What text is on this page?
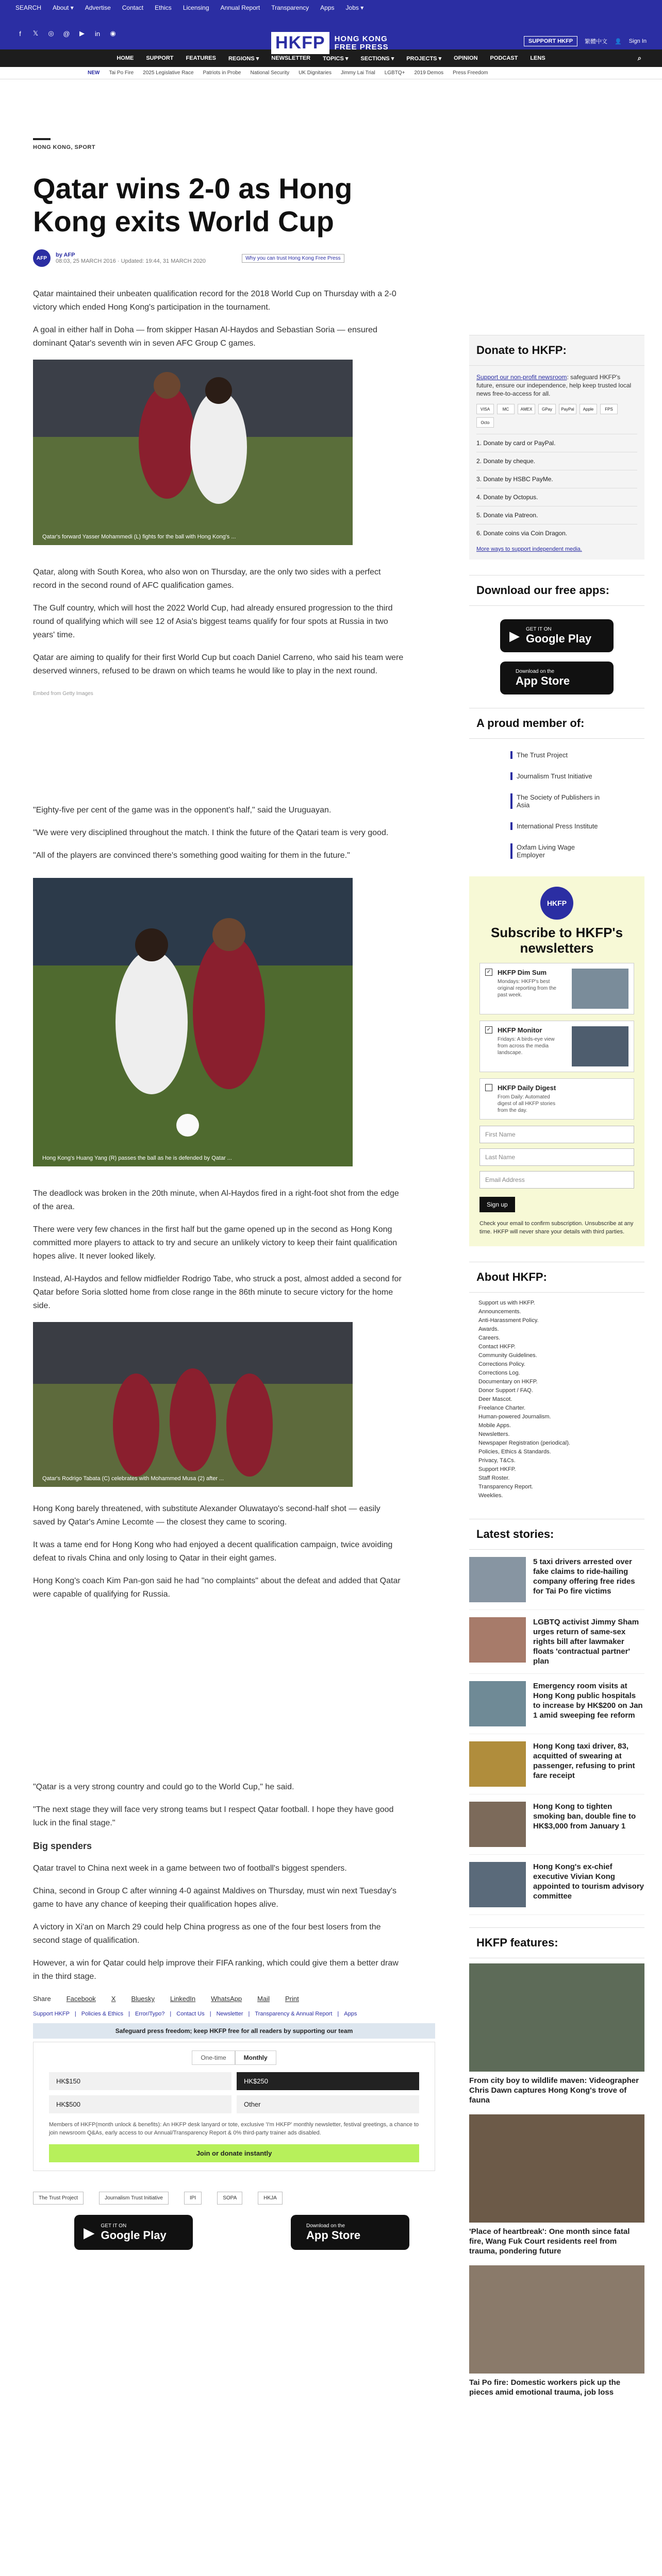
SEARCH About ▾ Advertise Contact Ethics Licensing Annual Report Transparency Apps Jobs ▾
f	𝕏 ◎ @	▶	in	◉	HKFP	HONG KONG
FREE PRESS
SUPPORT HKFP	繁體中文 👤 Sign In
HOME SUPPORT FEATURES REGIONS ▾ NEWSLETTER TOPICS ▾ SECTIONS ▾ PROJECTS ▾ OPINION PODCAST LENS	⌕
NEW Tai Po Fire 2025 Legislative Race Patriots in Probe National Security UK Dignitaries Jimmy Lai Trial LGBTQ+ 2019 Demos Press Freedom
HONG KONG, SPORT
Qatar wins 2-0 as Hong Kong exits World Cup
AFP	by AFP
08:03, 25 MARCH 2016 · Updated: 19:44, 31 MARCH 2020	Why you can trust Hong Kong Free Press

Qatar maintained their unbeaten qualification record for the 2018 World Cup on Thursday with a 2-0 victory which ended Hong Kong's participation in the tournament.

A goal in either half in Doha — from skipper Hasan Al-Haydos and Sebastian Soria — ensured dominant Qatar's seventh win in seven AFC Group C games.

Qatar's forward Yasser Mohammedi (L) fights for the ball with Hong Kong's ...

Qatar, along with South Korea, who also won on Thursday, are the only two sides with a perfect record in the second round of AFC qualification games.

The Gulf country, which will host the 2022 World Cup, had already ensured progression to the third round of qualifying which will see 12 of Asia's biggest teams qualify for four spots at Russia in two years' time.

Qatar are aiming to qualify for their first World Cup but coach Daniel Carreno, who said his team were deserved winners, refused to be drawn on which teams he would like to play in the next round.

Embed from Getty Images

"Eighty-five per cent of the game was in the opponent's half," said the Uruguayan.

"We were very disciplined throughout the match. I think the future of the Qatari team is very good.

"All of the players are convinced there's something good waiting for them in the future."

Hong Kong's Huang Yang (R) passes the ball as he is defended by Qatar ...

The deadlock was broken in the 20th minute, when Al-Haydos fired in a right-foot shot from the edge of the area.

There were very few chances in the first half but the game opened up in the second as Hong Kong committed more players to attack to try and secure an unlikely victory to keep their faint qualification hopes alive. It never looked likely.

Instead, Al-Haydos and fellow midfielder Rodrigo Tabe, who struck a post, almost added a second for Qatar before Soria slotted home from close range in the 86th minute to secure victory for the home side.

Qatar's Rodrigo Tabata (C) celebrates with Mohammed Musa (2) after ...

Hong Kong barely threatened, with substitute Alexander Oluwatayo's second-half shot — easily saved by Qatar's Amine Lecomte — the closest they came to scoring.

It was a tame end for Hong Kong who had enjoyed a decent qualification campaign, twice avoiding defeat to rivals China and only losing to Qatar in their eight games.

Hong Kong's coach Kim Pan-gon said he had "no complaints" about the defeat and added that Qatar were capable of qualifying for Russia.

"Qatar is a very strong country and could go to the World Cup," he said.

"The next stage they will face very strong teams but I respect Qatar football. I hope they have good luck in the final stage."

Big spenders

Qatar travel to China next week in a game between two of football's biggest spenders.

China, second in Group C after winning 4-0 against Maldives on Thursday, must win next Tuesday's game to have any chance of keeping their qualification hopes alive.

A victory in Xi'an on March 29 could help China progress as one of the four best losers from the second stage of qualification.

However, a win for Qatar could help improve their FIFA ranking, which could give them a better draw in the third stage.

Share Facebook X Bluesky LinkedIn WhatsApp Mail Print
Support HKFP | Policies & Ethics | Error/Typo? | Contact Us | Newsletter | Transparency & Annual Report | Apps
Safeguard press freedom; keep HKFP free for all readers by supporting our team
One-time	Monthly
HK$150	HK$250
HK$500	Other
Members of HKFP(month unlock & benefits): An HKFP desk lanyard or tote, exclusive 'I'm HKFP' monthly newsletter, festival greetings, a chance to join newsroom Q&As, early access to our Annual/Transparency Report & 0% third-party trainer ads disabled.
Join or donate instantly
The Trust Project	Journalism Trust Initiative	IPI	SOPA	HKJA
▶ GET IT ON
Google Play
Download on the
App Store
Donate to HKFP:
Support our non-profit newsroom: safeguard HKFP's future, ensure our independence, help keep trusted local news free-to-access for all.
VISA	MC	AMEX	GPay	PayPal	Apple	FPS
Octo
1. Donate by card or PayPal.
2. Donate by cheque.
3. Donate by HSBC PayMe.
4. Donate by Octopus.
5. Donate via Patreon.
6. Donate coins via Coin Dragon.
More ways to support independent media.
Download our free apps:
▶ GET IT ON
Google Play
Download on the
App Store
A proud member of:
The Trust Project
Journalism Trust Initiative
The Society of Publishers in Asia
International Press Institute
Oxfam Living Wage Employer
HKFP
Subscribe to HKFP's newsletters
✓ HKFP Dim Sum
Mondays: HKFP's best original reporting from the past week.
✓ HKFP Monitor
Fridays: A birds-eye view from across the media landscape.
HKFP Daily Digest
From Daily: Automated digest of all HKFP stories from the day.
First Name
Last Name
Email Address
Sign up
Check your email to confirm subscription. Unsubscribe at any time. HKFP will never share your details with third parties.
About HKFP:
Support us with HKFP.
Announcements.
Anti-Harassment Policy.
Awards.
Careers.
Contact HKFP.
Community Guidelines.
Corrections Policy.
Corrections Log.
Documentary on HKFP.
Donor Support / FAQ.
Deer Mascot.
Freelance Charter.
Human-powered Journalism.
Mobile Apps.
Newsletters.
Newspaper Registration (periodical).
Policies, Ethics & Standards.
Privacy, T&Cs.
Support HKFP.
Staff Roster.
Transparency Report.
Weeklies.
Latest stories:
5 taxi drivers arrested over fake claims to ride-hailing company offering free rides for Tai Po fire victims
LGBTQ activist Jimmy Sham urges return of same-sex rights bill after lawmaker floats 'contractual partner' plan
Emergency room visits at Hong Kong public hospitals to increase by HK$200 on Jan 1 amid sweeping fee reform
Hong Kong taxi driver, 83, acquitted of swearing at passenger, refusing to print fare receipt
Hong Kong to tighten smoking ban, double fine to HK$3,000 from January 1
Hong Kong's ex-chief executive Vivian Kong appointed to tourism advisory committee
HKFP features:
From city boy to wildlife maven: Videographer Chris Dawn captures Hong Kong's trove of fauna
'Place of heartbreak': One month since fatal fire, Wang Fuk Court residents reel from trauma, pondering future
Tai Po fire: Domestic workers pick up the pieces amid emotional trauma, job loss
